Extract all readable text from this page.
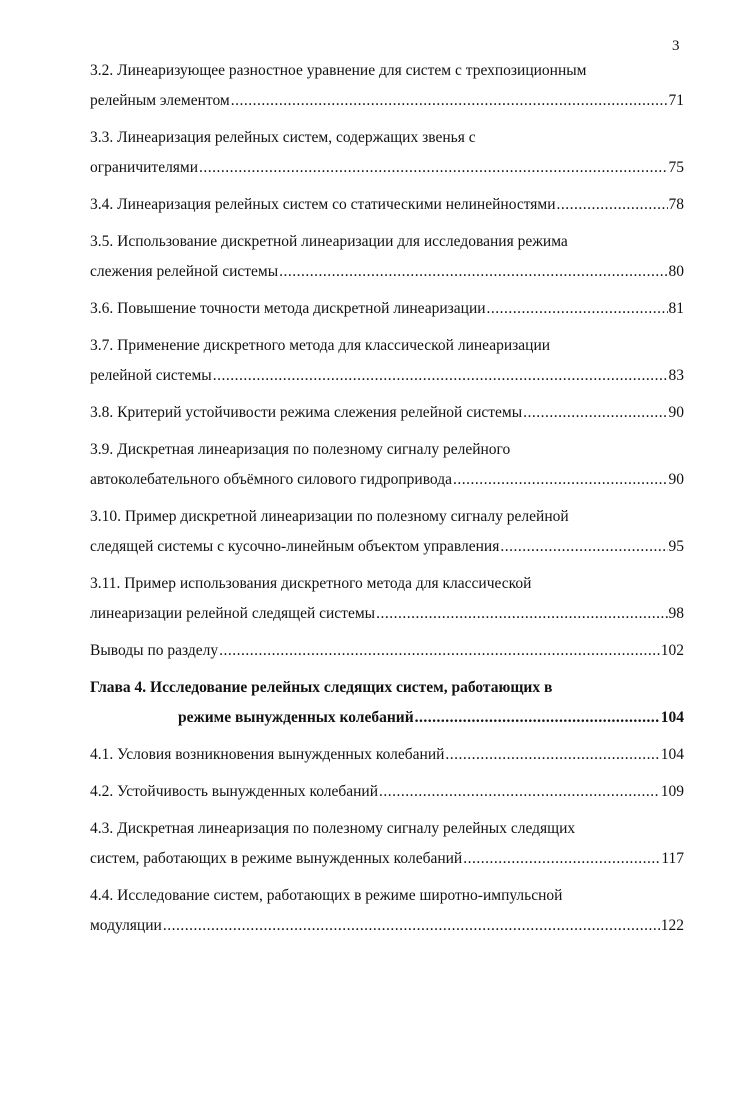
3
3.2. Линеаризующее разностное уравнение для систем с трехпозиционным
релейным элементом .....	71
3.3. Линеаризация релейных систем, содержащих звенья с
ограничителями .....	75
3.4. Линеаризация релейных систем со статическими нелинейностями .....	78
3.5. Использование дискретной линеаризации для исследования режима
слежения релейной системы .....	80
3.6. Повышение точности метода дискретной линеаризации .....	81
3.7. Применение дискретного метода для классической линеаризации
релейной системы .....	83
3.8. Критерий устойчивости режима слежения релейной системы .....	90
3.9. Дискретная линеаризация по полезному сигналу релейного
автоколебательного объёмного силового гидропривода .....	90
3.10. Пример дискретной линеаризации по полезному сигналу релейной
следящей системы с кусочно-линейным объектом управления .....	95
3.11. Пример использования дискретного метода для классической
линеаризации релейной следящей системы .....	98
Выводы по разделу .....	102
Глава 4. Исследование релейных следящих систем, работающих в
режиме вынужденных колебаний .....	104
4.1. Условия возникновения вынужденных колебаний .....	104
4.2. Устойчивость вынужденных колебаний .....	109
4.3. Дискретная линеаризация по полезному сигналу релейных следящих
систем, работающих в режиме вынужденных колебаний .....	117
4.4. Исследование систем, работающих в режиме широтно-импульсной
модуляции .....	122
